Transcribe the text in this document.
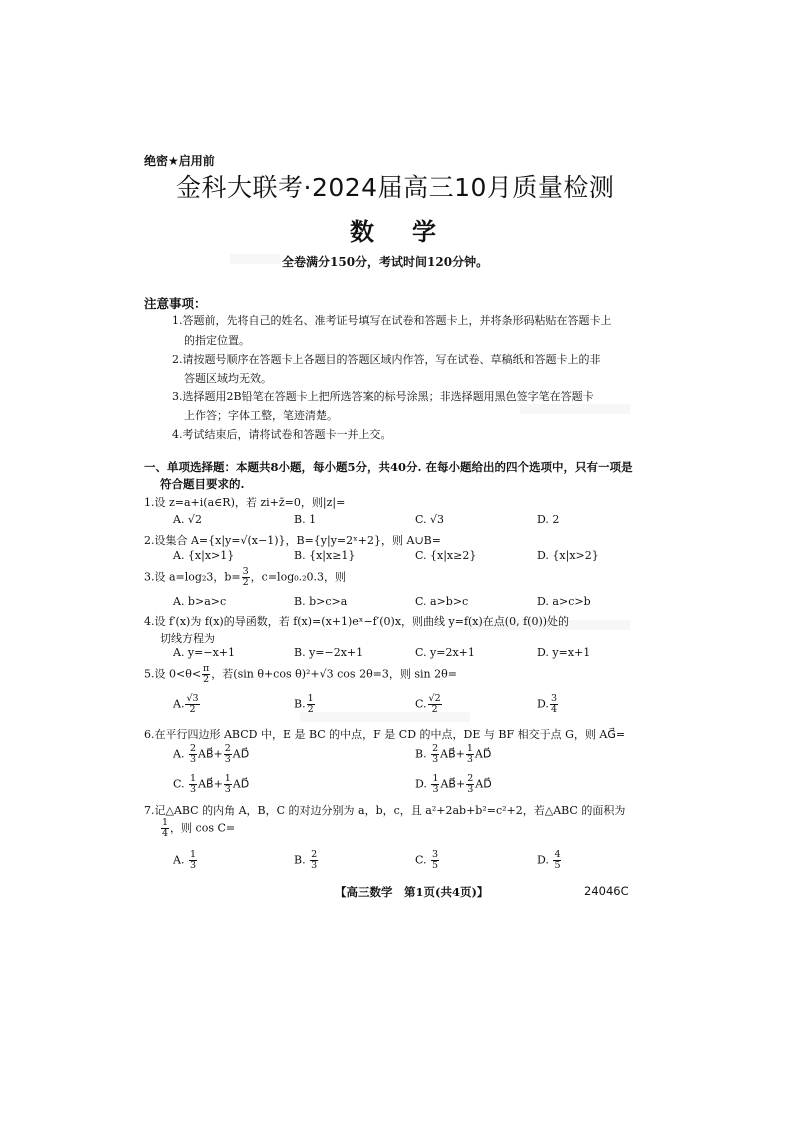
绝密★启用前
金科大联考·2024届高三10月质量检测
数学
全卷满分150分，考试时间120分钟。
注意事项：
1.答题前，先将自己的姓名、准考证号填写在试卷和答题卡上，并将条形码粘贴在答题卡上
的指定位置。
2.请按题号顺序在答题卡上各题目的答题区域内作答，写在试卷、草稿纸和答题卡上的非
答题区域均无效。
3.选择题用2B铅笔在答题卡上把所选答案的标号涂黑；非选择题用黑色签字笔在答题卡
上作答；字体工整，笔迹清楚。
4.考试结束后，请将试卷和答题卡一并上交。
一、单项选择题：本题共8小题，每小题5分，共40分. 在每小题给出的四个选项中，只有一项是
符合题目要求的.
1.设 z=a+i(a∈R)，若 zi+z̄=0，则|z|=
A. √2	B. 1	C. √3	D. 2
2.设集合 A={x|y=√(x−1)}，B={y|y=2ˣ+2}，则 A∪B=
A. {x|x>1}	B. {x|x≥1}	C. {x|x≥2}	D. {x|x>2}
3.设 a=log₂3，$b= \frac{3}{2}$ ，c=log₀.₂0.3，则
A. b>a>c	B. b>c>a	C. a>b>c	D. a>c>b
4.设 f′(x)为 f(x)的导函数，若 f(x)=(x+1)eˣ−f′(0)x，则曲线 y=f(x)在点(0, f(0))处的
切线方程为
A. y=−x+1	B. y=−2x+1	C. y=2x+1	D. y=x+1
5.设 $0<\theta< \frac{\pi}{2}$ ，若(sin θ+cos θ)²+√3 cos 2θ=3，则 sin 2θ=
A. $\frac{√3}{2}$	B. $\frac{1}{2}$	C. $\frac{√2}{2}$	D. $\frac{3}{4}$
6.在平行四边形 ABCD 中，E 是 BC 的中点，F 是 CD 的中点，DE 与 BF 相交于点 G，则 AG⃗=
A. $\frac{2}{3}$ AB⃗+ $\frac{2}{3}$ AD⃗	B. $\frac{2}{3}$ AB⃗+ $\frac{1}{3}$ AD⃗
C. $\frac{1}{3}$ AB⃗+ $\frac{1}{3}$ AD⃗	D. $\frac{1}{3}$ AB⃗+ $\frac{2}{3}$ AD⃗
7.记△ABC 的内角 A，B，C 的对边分别为 a，b，c，且 a²+2ab+b²=c²+2，若△ABC 的面积为
$\frac{1}{4}$ ，则 cos C=
A. $\frac{1}{3}$	B. $\frac{2}{3}$	C. $\frac{3}{5}$	D. $\frac{4}{5}$
【高三数学　第1页(共4页)】	24046C
